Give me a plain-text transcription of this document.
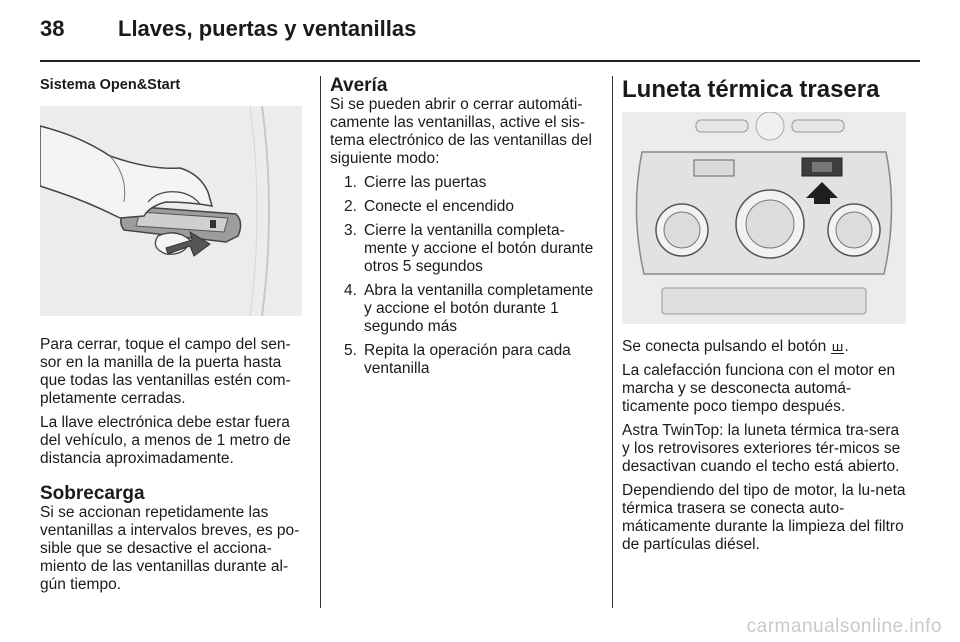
38 Llaves, puertas y ventanillas
Sistema Open&Start

Para cerrar, toque el campo del sen-sor en la manilla de la puerta hasta que todas las ventanillas estén com-pletamente cerradas.

La llave electrónica debe estar fuera del vehículo, a menos de 1 metro de distancia aproximadamente.

Sobrecarga

Si se accionan repetidamente las ventanillas a intervalos breves, es po-sible que se desactive el acciona-miento de las ventanillas durante al-gún tiempo.

Avería

Si se pueden abrir o cerrar automáti-camente las ventanillas, active el sis-tema electrónico de las ventanillas del siguiente modo:

1. Cierre las puertas
2. Conecte el encendido
3. Cierre la ventanilla completa-mente y accione el botón durante otros 5 segundos
4. Abra la ventanilla completamente y accione el botón durante 1 segundo más
5. Repita la operación para cada ventanilla
Luneta térmica trasera

Se conecta pulsando el botón ꟺ.

La calefacción funciona con el motor en marcha y se desconecta automá-ticamente poco tiempo después.

Astra TwinTop: la luneta térmica tra-sera y los retrovisores exteriores tér-micos se desactivan cuando el techo está abierto.

Dependiendo del tipo de motor, la lu-neta térmica trasera se conecta auto-máticamente durante la limpieza del filtro de partículas diésel.

carmanualsonline.info
